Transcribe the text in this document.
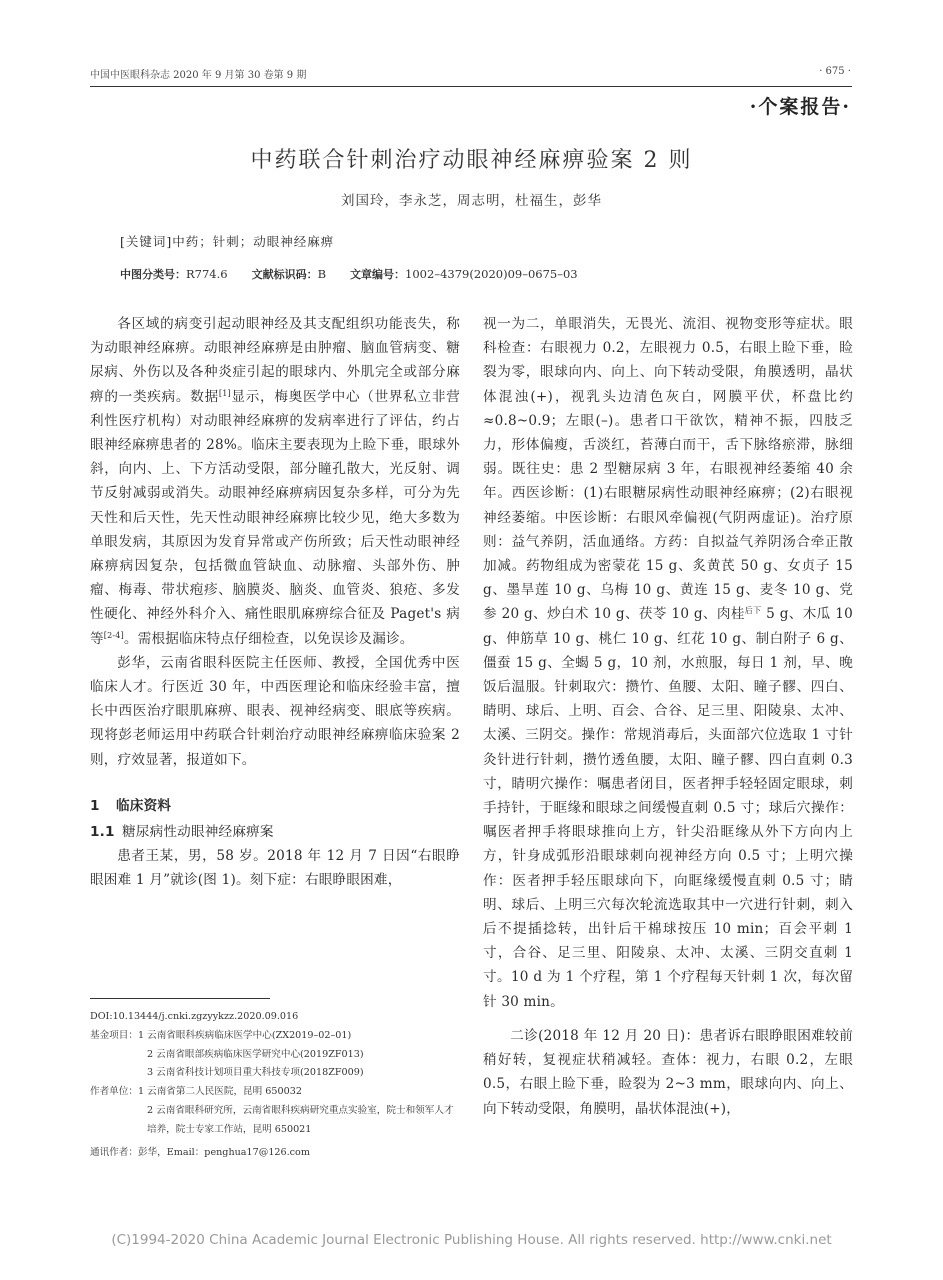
中国中医眼科杂志 2020 年 9 月第 30 卷第 9 期	· 675 ·
·个案报告·
中药联合针刺治疗动眼神经麻痹验案 2 则
刘国玲，李永芝，周志明，杜福生，彭华
[关键词]中药；针刺；动眼神经麻痹
中图分类号：R774.6 文献标识码：B 文章编号：1002–4379(2020)09–0675–03

各区域的病变引起动眼神经及其支配组织功能丧失，称为动眼神经麻痹。动眼神经麻痹是由肿瘤、脑血管病变、糖尿病、外伤以及各种炎症引起的眼球内、外肌完全或部分麻痹的一类疾病。数据[1]显示，梅奥医学中心（世界私立非营利性医疗机构）对动眼神经麻痹的发病率进行了评估，约占眼神经麻痹患者的 28%。临床主要表现为上睑下垂，眼球外斜，向内、上、下方活动受限，部分瞳孔散大，光反射、调节反射减弱或消失。动眼神经麻痹病因复杂多样，可分为先天性和后天性，先天性动眼神经麻痹比较少见，绝大多数为单眼发病，其原因为发育异常或产伤所致；后天性动眼神经麻痹病因复杂，包括微血管缺血、动脉瘤、头部外伤、肿瘤、梅毒、带状疱疹、脑膜炎、脑炎、血管炎、狼疮、多发性硬化、神经外科介入、痛性眼肌麻痹综合征及 Paget's 病等[2-4]。需根据临床特点仔细检查，以免误诊及漏诊。

彭华，云南省眼科医院主任医师、教授，全国优秀中医临床人才。行医近 30 年，中西医理论和临床经验丰富，擅长中西医治疗眼肌麻痹、眼表、视神经病变、眼底等疾病。现将彭老师运用中药联合针刺治疗动眼神经麻痹临床验案 2 则，疗效显著，报道如下。

1 临床资料
1.1 糖尿病性动眼神经麻痹案

患者王某，男，58 岁。2018 年 12 月 7 日因“右眼睁眼困难 1 月”就诊(图 1)。刻下症：右眼睁眼困难，

视一为二，单眼消失，无畏光、流泪、视物变形等症状。眼科检查：右眼视力 0.2，左眼视力 0.5，右眼上睑下垂，睑裂为零，眼球向内、向上、向下转动受限，角膜透明，晶状体混浊(+)，视乳头边清色灰白，网膜平伏，杯盘比约≈0.8~0.9；左眼(–)。患者口干欲饮，精神不振，四肢乏力，形体偏瘦，舌淡红，苔薄白而干，舌下脉络瘀滞，脉细弱。既往史：患 2 型糖尿病 3 年，右眼视神经萎缩 40 余年。西医诊断：(1)右眼糖尿病性动眼神经麻痹；(2)右眼视神经萎缩。中医诊断：右眼风牵偏视(气阴两虚证)。治疗原则：益气养阴，活血通络。方药：自拟益气养阴汤合牵正散加减。药物组成为密蒙花 15 g、炙黄芪 50 g、女贞子 15 g、墨旱莲 10 g、乌梅 10 g、黄连 15 g、麦冬 10 g、党参 20 g、炒白术 10 g、茯苓 10 g、肉桂$^{后下}$ 5 g、木瓜 10 g、伸筋草 10 g、桃仁 10 g、红花 10 g、制白附子 6 g、僵蚕 15 g、全蝎 5 g，10 剂，水煎服，每日 1 剂，早、晚饭后温服。针刺取穴：攒竹、鱼腰、太阳、瞳子髎、四白、睛明、球后、上明、百会、合谷、足三里、阳陵泉、太冲、太溪、三阴交。操作：常规消毒后，头面部穴位选取 1 寸针灸针进行针刺，攒竹透鱼腰，太阳、瞳子髎、四白直刺 0.3 寸，睛明穴操作：嘱患者闭目，医者押手轻轻固定眼球，刺手持针，于眶缘和眼球之间缓慢直刺 0.5 寸；球后穴操作：嘱医者押手将眼球推向上方，针尖沿眶缘从外下方向内上方，针身成弧形沿眼球刺向视神经方向 0.5 寸；上明穴操作：医者押手轻压眼球向下，向眶缘缓慢直刺 0.5 寸；睛明、球后、上明三穴每次轮流选取其中一穴进行针刺，刺入后不提插捻转，出针后干棉球按压 10 min；百会平刺 1 寸，合谷、足三里、阳陵泉、太冲、太溪、三阴交直刺 1 寸。10 d 为 1 个疗程，第 1 个疗程每天针刺 1 次，每次留针 30 min。

二诊(2018 年 12 月 20 日)：患者诉右眼睁眼困难较前稍好转，复视症状稍减轻。查体：视力，右眼 0.2，左眼 0.5，右眼上睑下垂，睑裂为 2~3 mm，眼球向内、向上、向下转动受限，角膜明，晶状体混浊(+)，

DOI:10.13444/j.cnki.zgzyykzz.2020.09.016
基金项目：1 云南省眼科疾病临床医学中心(ZX2019–02–01)
2 云南省眼部疾病临床医学研究中心(2019ZF013)
3 云南省科技计划项目重大科技专项(2018ZF009)
作者单位：1 云南省第二人民医院，昆明 650032
2 云南省眼科研究所，云南省眼科疾病研究重点实验室，院士和领军人才培养，院士专家工作站，昆明 650021
通讯作者：彭华，Email：penghua17@126.com
(C)1994-2020 China Academic Journal Electronic Publishing House. All rights reserved. http://www.cnki.net
